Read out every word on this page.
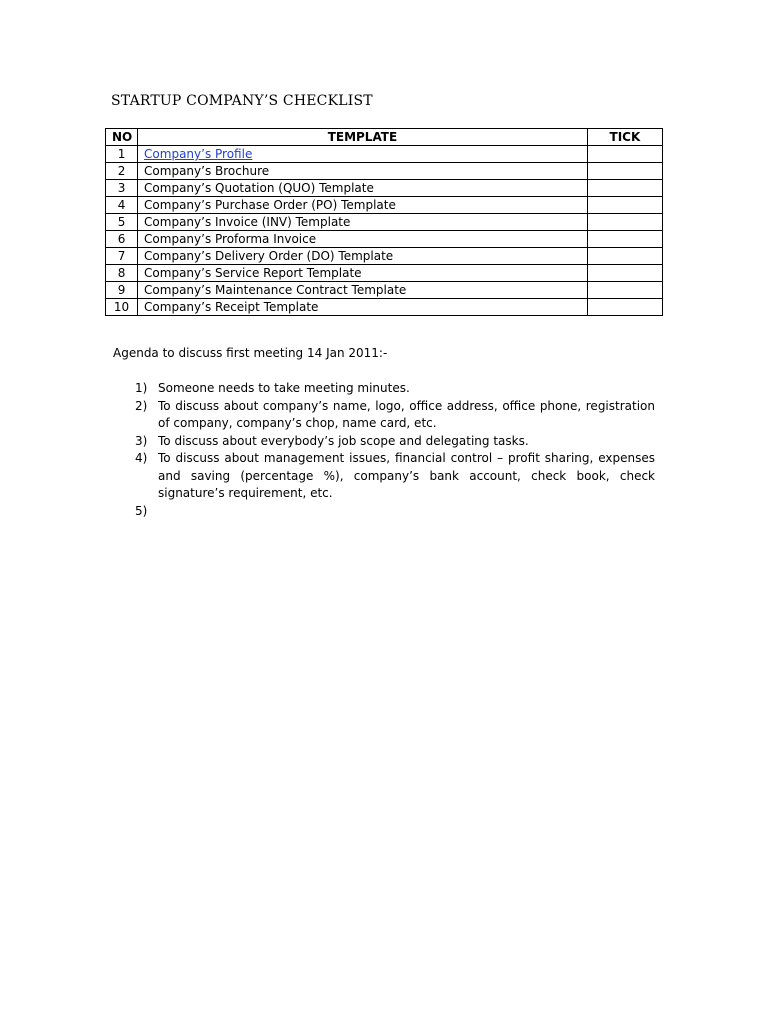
STARTUP COMPANY’S CHECKLIST
NO	TEMPLATE	TICK
1	Company’s Profile	
2	Company’s Brochure	
3	Company’s Quotation (QUO) Template	
4	Company’s Purchase Order (PO) Template	
5	Company’s Invoice (INV) Template	
6	Company’s Proforma Invoice	
7	Company’s Delivery Order (DO) Template	
8	Company’s Service Report Template	
9	Company’s Maintenance Contract Template	
10	Company’s Receipt Template	
Agenda to discuss first meeting 14 Jan 2011:-
1) Someone needs to take meeting minutes.
2) To discuss about company’s name, logo, office address, office phone, registration of company, company’s chop, name card, etc.
3) To discuss about everybody’s job scope and delegating tasks.
4) To discuss about management issues, financial control – profit sharing, expenses and saving (percentage %), company’s bank account, check book, check signature’s requirement, etc.
5)
